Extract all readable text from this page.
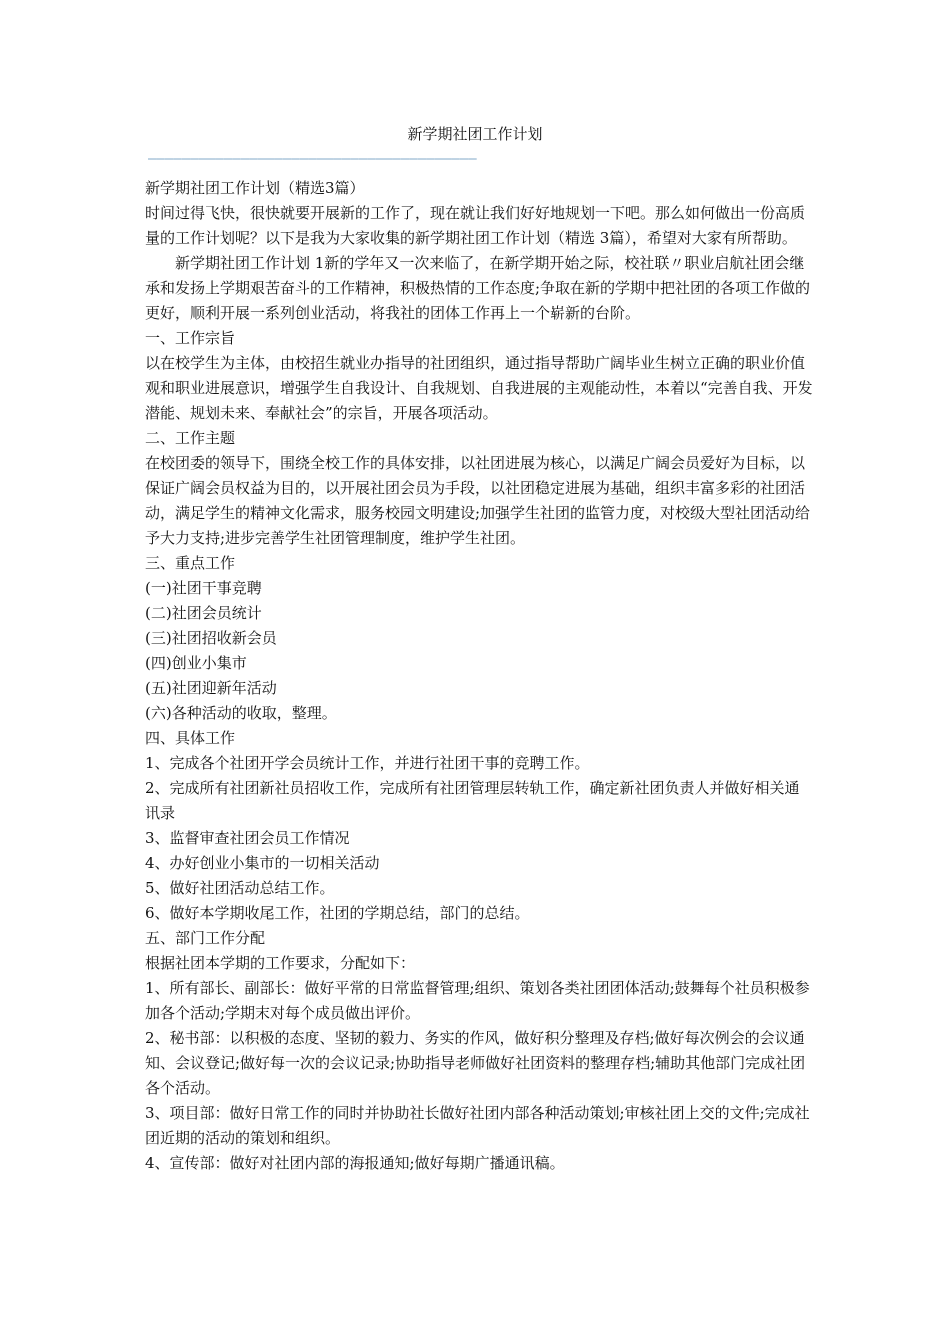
新学期社团工作计划
———————————————————————————————————————

新学期社团工作计划（精选3篇）

时间过得飞快，很快就要开展新的工作了，现在就让我们好好地规划一下吧。那么如何做出一份高质量的工作计划呢？以下是我为大家收集的新学期社团工作计划（精选 3篇），希望对大家有所帮助。

新学期社团工作计划 1新的学年又一次来临了，在新学期开始之际，校社联〃职业启航社团会继承和发扬上学期艰苦奋斗的工作精神，积极热情的工作态度;争取在新的学期中把社团的各项工作做的更好，顺利开展一系列创业活动，将我社的团体工作再上一个崭新的台阶。

一、工作宗旨

以在校学生为主体，由校招生就业办指导的社团组织，通过指导帮助广阔毕业生树立正确的职业价值观和职业进展意识，增强学生自我设计、自我规划、自我进展的主观能动性，本着以“完善自我、开发潜能、规划未来、奉献社会”的宗旨，开展各项活动。

二、工作主题

在校团委的领导下，围绕全校工作的具体安排，以社团进展为核心，以满足广阔会员爱好为目标，以保证广阔会员权益为目的，以开展社团会员为手段，以社团稳定进展为基础，组织丰富多彩的社团活动，满足学生的精神文化需求，服务校园文明建设;加强学生社团的监管力度，对校级大型社团活动给予大力支持;进步完善学生社团管理制度，维护学生社团。

三、重点工作

(一)社团干事竞聘

(二)社团会员统计

(三)社团招收新会员

(四)创业小集市

(五)社团迎新年活动

(六)各种活动的收取，整理。

四、具体工作

1、完成各个社团开学会员统计工作，并进行社团干事的竞聘工作。

2、完成所有社团新社员招收工作，完成所有社团管理层转轨工作，确定新社团负责人并做好相关通讯录

3、监督审查社团会员工作情况

4、办好创业小集市的一切相关活动

5、做好社团活动总结工作。

6、做好本学期收尾工作，社团的学期总结，部门的总结。

五、部门工作分配

根据社团本学期的工作要求，分配如下：

1、所有部长、副部长：做好平常的日常监督管理;组织、策划各类社团团体活动;鼓舞每个社员积极参加各个活动;学期末对每个成员做出评价。

2、秘书部：以积极的态度、坚韧的毅力、务实的作风，做好积分整理及存档;做好每次例会的会议通知、会议登记;做好每一次的会议记录;协助指导老师做好社团资料的整理存档;辅助其他部门完成社团各个活动。

3、项目部：做好日常工作的同时并协助社长做好社团内部各种活动策划;审核社团上交的文件;完成社团近期的活动的策划和组织。

4、宣传部：做好对社团内部的海报通知;做好每期广播通讯稿。
